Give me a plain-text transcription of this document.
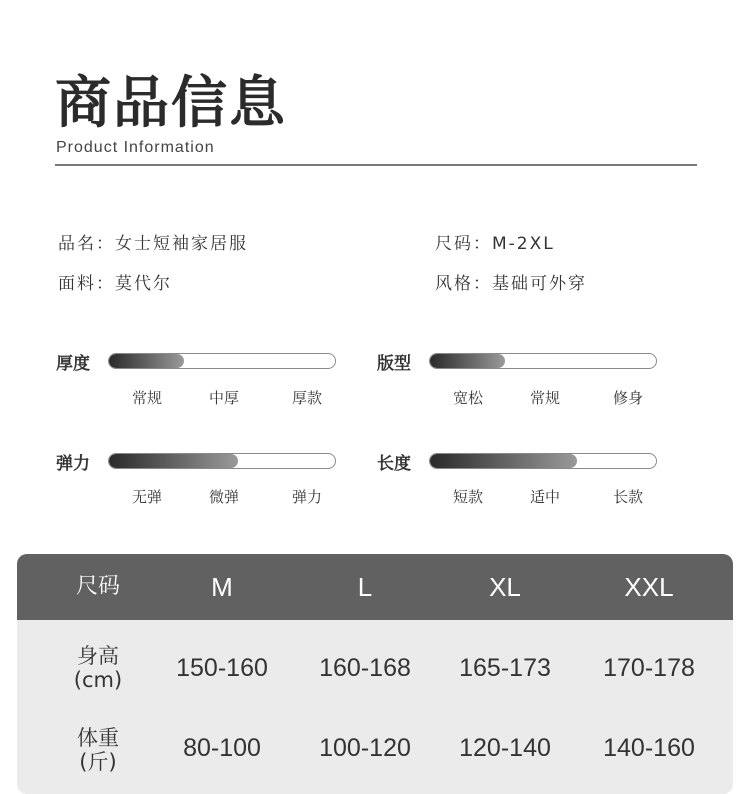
商品信息
Product Information
品名：女士短袖家居服	尺码：M-2XL
面料：莫代尔	风格：基础可外穿
厚度
常规	中厚	厚款
版型
宽松	常规	修身
弹力
无弹	微弹	弹力
长度
短款	适中	长款
尺码	M	L	XL	XXL
身高
(cm)	150-160	160-168	165-173	170-178
体重
(斤)	80-100	100-120	120-140	140-160
